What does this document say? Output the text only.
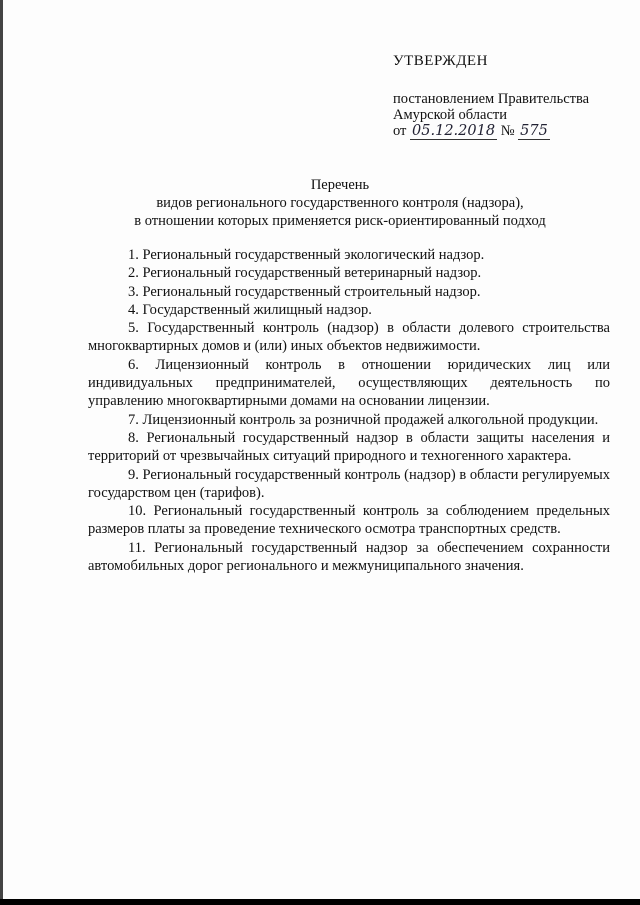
УТВЕРЖДЕН
постановлением Правительства
Амурской области
от 05.12.2018 № 575
Перечень
видов регионального государственного контроля (надзора),
в отношении которых применяется риск-ориентированный подход
1. Региональный государственный экологический надзор.
2. Региональный государственный ветеринарный надзор.
3. Региональный государственный строительный надзор.
4. Государственный жилищный надзор.
5. Государственный контроль (надзор) в области долевого строительства многоквартирных домов и (или) иных объектов недвижимости.
6. Лицензионный контроль в отношении юридических лиц или индивидуальных предпринимателей, осуществляющих деятельность по управлению многоквартирными домами на основании лицензии.
7. Лицензионный контроль за розничной продажей алкогольной продукции.
8. Региональный государственный надзор в области защиты населения и территорий от чрезвычайных ситуаций природного и техногенного характера.
9. Региональный государственный контроль (надзор) в области регулируемых государством цен (тарифов).
10. Региональный государственный контроль за соблюдением предельных размеров платы за проведение технического осмотра транспортных средств.
11. Региональный государственный надзор за обеспечением сохранности автомобильных дорог регионального и межмуниципального значения.
